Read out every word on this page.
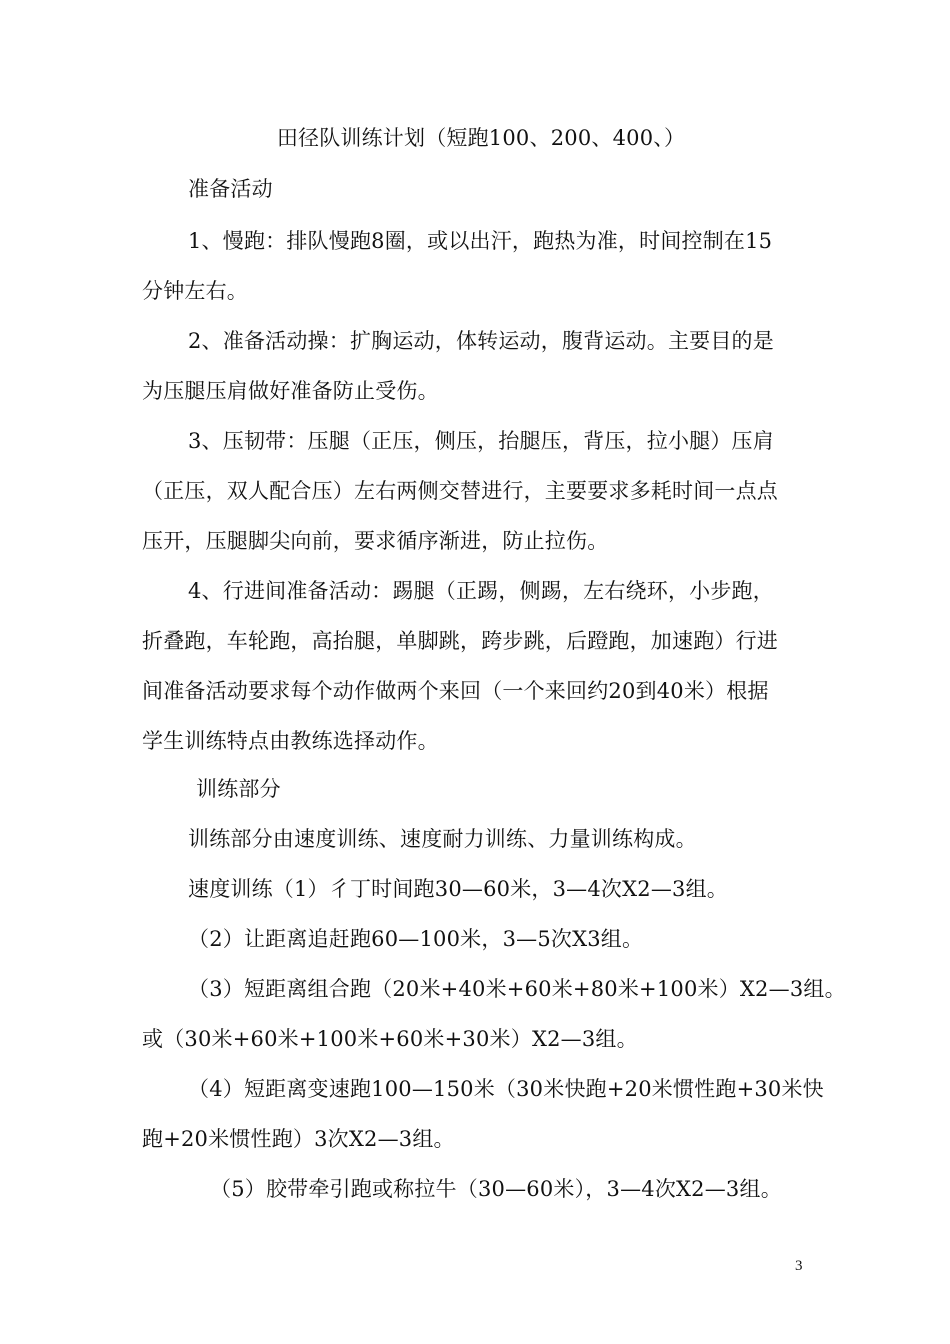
田径队训练计划（短跑100、200、400、）
准备活动
1、慢跑：排队慢跑8圈，或以出汗，跑热为准，时间控制在15
分钟左右。
2、准备活动操：扩胸运动，体转运动，腹背运动。主要目的是
为压腿压肩做好准备防止受伤。
3、压韧带：压腿（正压，侧压，抬腿压，背压，拉小腿）压肩
（正压，双人配合压）左右两侧交替进行，主要要求多耗时间一点点
压开，压腿脚尖向前，要求循序渐进，防止拉伤。
4、行进间准备活动：踢腿（正踢，侧踢，左右绕环，小步跑，
折叠跑，车轮跑，高抬腿，单脚跳，跨步跳，后蹬跑，加速跑）行进
间准备活动要求每个动作做两个来回（一个来回约20到40米）根据
学生训练特点由教练选择动作。
训练部分
训练部分由速度训练、速度耐力训练、力量训练构成。
速度训练（1）彳丁时间跑30—60米，3—4次X2—3组。
（2）让距离追赶跑60—100米，3—5次X3组。
（3）短距离组合跑（20米+40米+60米+80米+100米）X2—3组。
或（30米+60米+100米+60米+30米）X2—3组。
（4）短距离变速跑100—150米（30米快跑+20米惯性跑+30米快
跑+20米惯性跑）3次X2—3组。
（5）胶带牵引跑或称拉牛（30—60米），3—4次X2—3组。
3
